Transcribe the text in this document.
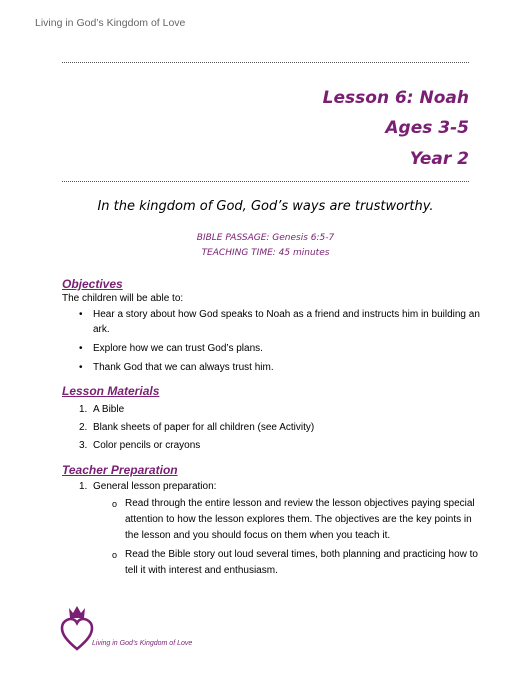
Living in God’s Kingdom of Love
Lesson 6: Noah
Ages 3-5
Year 2
In the kingdom of God, God’s ways are trustworthy.
BIBLE PASSAGE: Genesis 6:5-7
TEACHING TIME: 45 minutes
Objectives
The children will be able to:
• Hear a story about how God speaks to Noah as a friend and instructs him in building an ark.
• Explore how we can trust God’s plans.
• Thank God that we can always trust him.
Lesson Materials
1. A Bible
2. Blank sheets of paper for all children (see Activity)
3. Color pencils or crayons
Teacher Preparation
1. General lesson preparation:
o Read through the entire lesson and review the lesson objectives paying special attention to how the lesson explores them. The objectives are the key points in the lesson and you should focus on them when you teach it.
o Read the Bible story out loud several times, both planning and practicing how to tell it with interest and enthusiasm.
Living in God’s Kingdom of Love
